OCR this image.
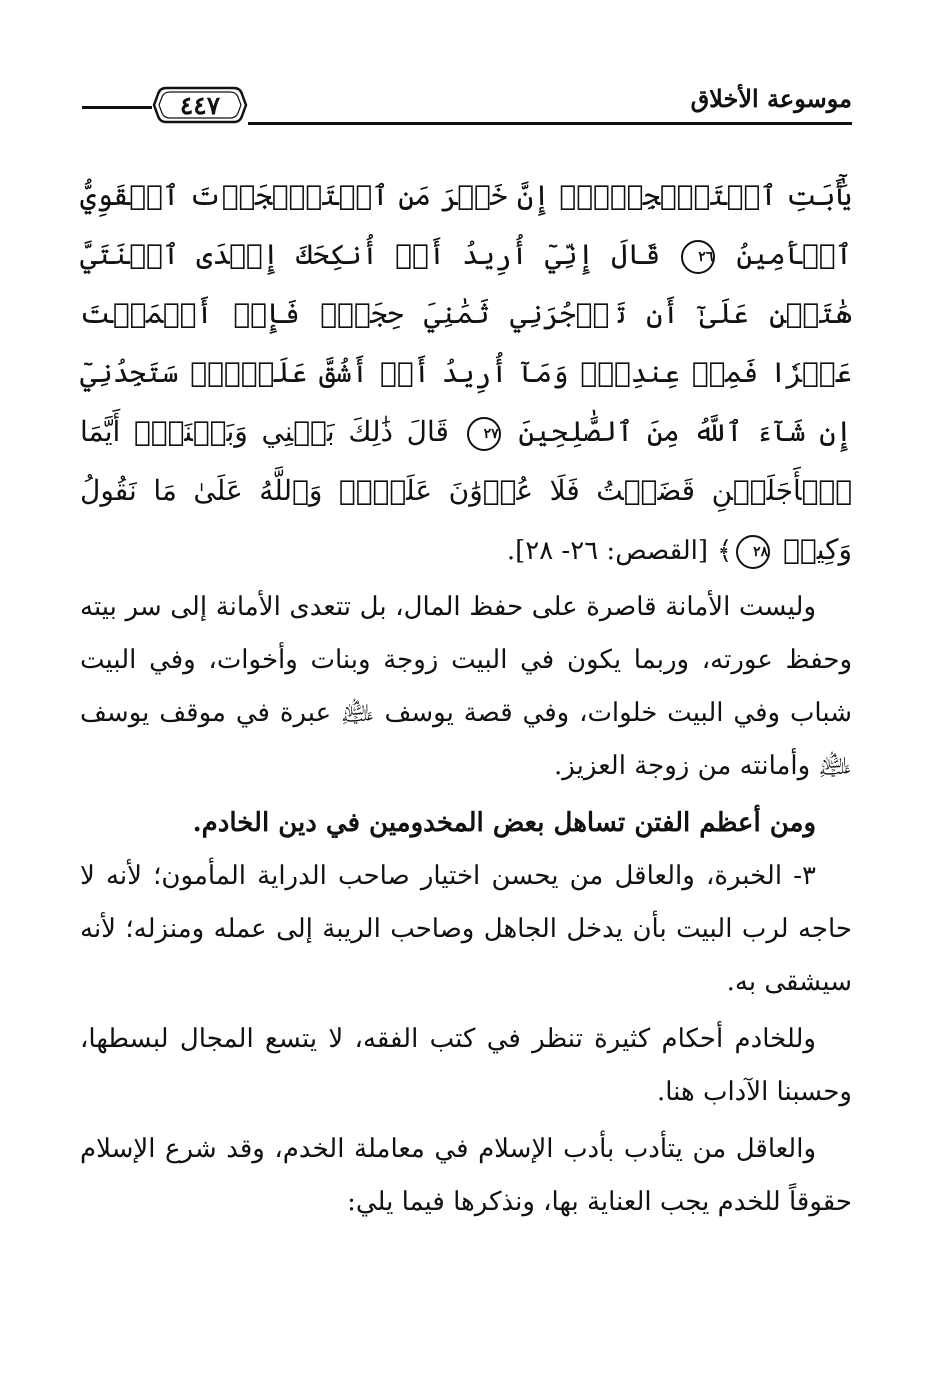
موسوعة الأخلاق
٤٤٧

يَٰٓأَبَتِ ٱسۡتَـٔۡجِرۡهُۖ إِنَّ خَيۡرَ مَنِ ٱسۡتَـٔۡجَرۡتَ ٱلۡقَوِيُّ ٱلۡأَمِينُ ٢٦ قَالَ إِنِّيٓ أُرِيدُ أَنۡ أُنكِحَكَ إِحۡدَى ٱبۡنَتَيَّ هَٰتَيۡنِ عَلَىٰٓ أَن تَأۡجُرَنِي ثَمَٰنِيَ حِجَجٖۖ فَإِنۡ أَتۡمَمۡتَ عَشۡرٗا فَمِنۡ عِندِكَۖ وَمَآ أُرِيدُ أَنۡ أَشُقَّ عَلَيۡكَۚ سَتَجِدُنِيٓ إِن شَآءَ ٱللَّهُ مِنَ ٱلصَّٰلِحِينَ ٢٧ قَالَ ذَٰلِكَ بَيۡنِي وَبَيۡنَكَۖ أَيَّمَا ٱلۡأَجَلَيۡنِ قَضَيۡتُ فَلَا عُدۡوَٰنَ عَلَيَّۖ وَٱللَّهُ عَلَىٰ مَا نَقُولُ وَكِيلٞ ٢٨﴾ [القصص: ٢٦- ٢٨].

وليست الأمانة قاصرة على حفظ المال، بل تتعدى الأمانة إلى سر بيته وحفظ عورته، وربما يكون في البيت زوجة وبنات وأخوات، وفي البيت شباب وفي البيت خلوات، وفي قصة يوسف ﵇ عبرة في موقف يوسف ﵇ وأمانته من زوجة العزيز.

ومن أعظم الفتن تساهل بعض المخدومين في دين الخادم.

٣- الخبرة، والعاقل من يحسن اختيار صاحب الدراية المأمون؛ لأنه لا حاجه لرب البيت بأن يدخل الجاهل وصاحب الريبة إلى عمله ومنزله؛ لأنه سيشقى به.

وللخادم أحكام كثيرة تنظر في كتب الفقه، لا يتسع المجال لبسطها، وحسبنا الآداب هنا.

والعاقل من يتأدب بأدب الإسلام في معاملة الخدم، وقد شرع الإسلام حقوقاً للخدم يجب العناية بها، ونذكرها فيما يلي:
